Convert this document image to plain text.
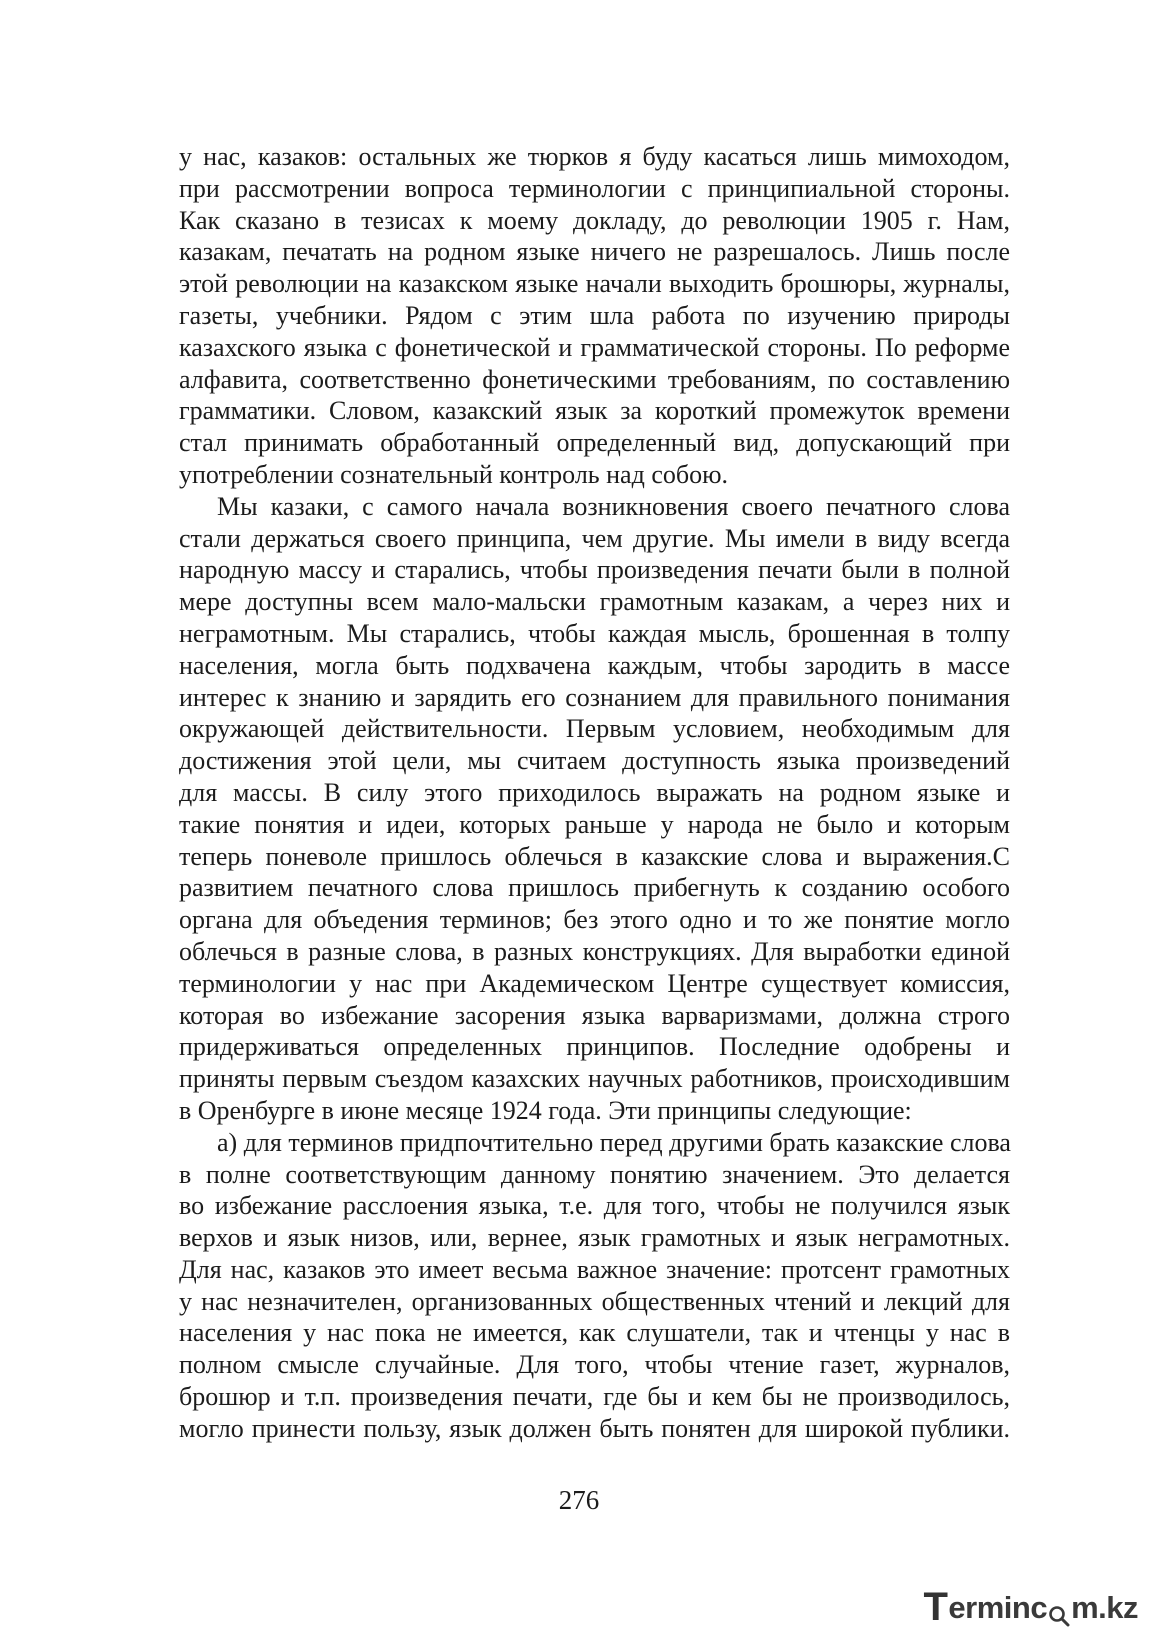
у нас, казаков: остальных же тюрков я буду касаться лишь мимоходом,
при рассмотрении вопроса терминологии с принципиальной стороны.
Как сказано в тезисах к моему докладу, до революции 1905 г. Нам,
казакам, печатать на родном языке ничего не разрешалось. Лишь после
этой революции на казакском языке начали выходить брошюры, журналы,
газеты, учебники. Рядом с этим шла работа по изучению природы
казахского языка с фонетической и грамматической стороны. По реформе
алфавита, соответственно фонетическими требованиям, по составлению
грамматики. Словом, казакский язык за короткий промежуток времени
стал принимать обработанный определенный вид, допускающий при
употреблении сознательный контроль над собою.
Мы казаки, с самого начала возникновения своего печатного слова
стали держаться своего принципа, чем другие. Мы имели в виду всегда
народную массу и старались, чтобы произведения печати были в полной
мере доступны всем мало-мальски грамотным казакам, а через них и
неграмотным. Мы старались, чтобы каждая мысль, брошенная в толпу
населения, могла быть подхвачена каждым, чтобы зародить в массе
интерес к знанию и зарядить его сознанием для правильного понимания
окружающей действительности. Первым условием, необходимым для
достижения этой цели, мы считаем доступность языка произведений
для массы. В силу этого приходилось выражать на родном языке и
такие понятия и идеи, которых раньше у народа не было и которым
теперь поневоле пришлось облечься в казакские слова и выражения.С
развитием печатного слова пришлось прибегнуть к созданию особого
органа для объедения терминов; без этого одно и то же понятие могло
облечься в разные слова, в разных конструкциях. Для выработки единой
терминологии у нас при Академическом Центре существует комиссия,
которая во избежание засорения языка варваризмами, должна строго
придерживаться определенных принципов. Последние одобрены и
приняты первым съездом казахских научных работников, происходившим
в Оренбурге в июне месяце 1924 года. Эти принципы следующие:
а) для терминов придпочтительно перед другими брать казакские слова
в полне соответствующим данному понятию значением. Это делается
во избежание расслоения языка, т.е. для того, чтобы не получился язык
верхов и язык низов, или, вернее, язык грамотных и язык неграмотных.
Для нас, казаков это имеет весьма важное значение: протсент грамотных
у нас незначителен, организованных общественных чтений и лекций для
населения у нас пока не имеется, как слушатели, так и чтенцы у нас в
полном смысле случайные. Для того, чтобы чтение газет, журналов,
брошюр и т.п. произведения печати, где бы и кем бы не производилось,
могло принести пользу, язык должен быть понятен для широкой публики.
276
T erminc m.kz
